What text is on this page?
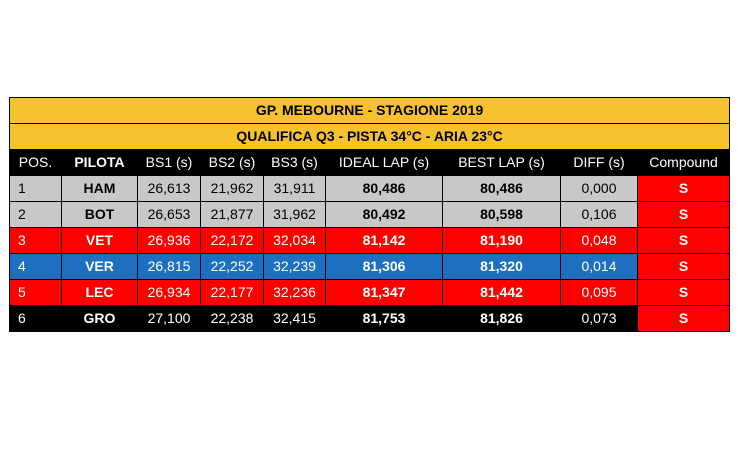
GP. MEBOURNE - STAGIONE 2019								
QUALIFICA Q3 - PISTA 34°C - ARIA 23°C								
POS.	PILOTA	BS1 (s)	BS2 (s)	BS3 (s)	IDEAL LAP (s)	BEST LAP (s)	DIFF (s)	Compound
1	HAM	26,613	21,962	31,911	80,486	80,486	0,000	S
2	BOT	26,653	21,877	31,962	80,492	80,598	0,106	S
3	VET	26,936	22,172	32,034	81,142	81,190	0,048	S
4	VER	26,815	22,252	32,239	81,306	81,320	0,014	S
5	LEC	26,934	22,177	32,236	81,347	81,442	0,095	S
6	GRO	27,100	22,238	32,415	81,753	81,826	0,073	S
